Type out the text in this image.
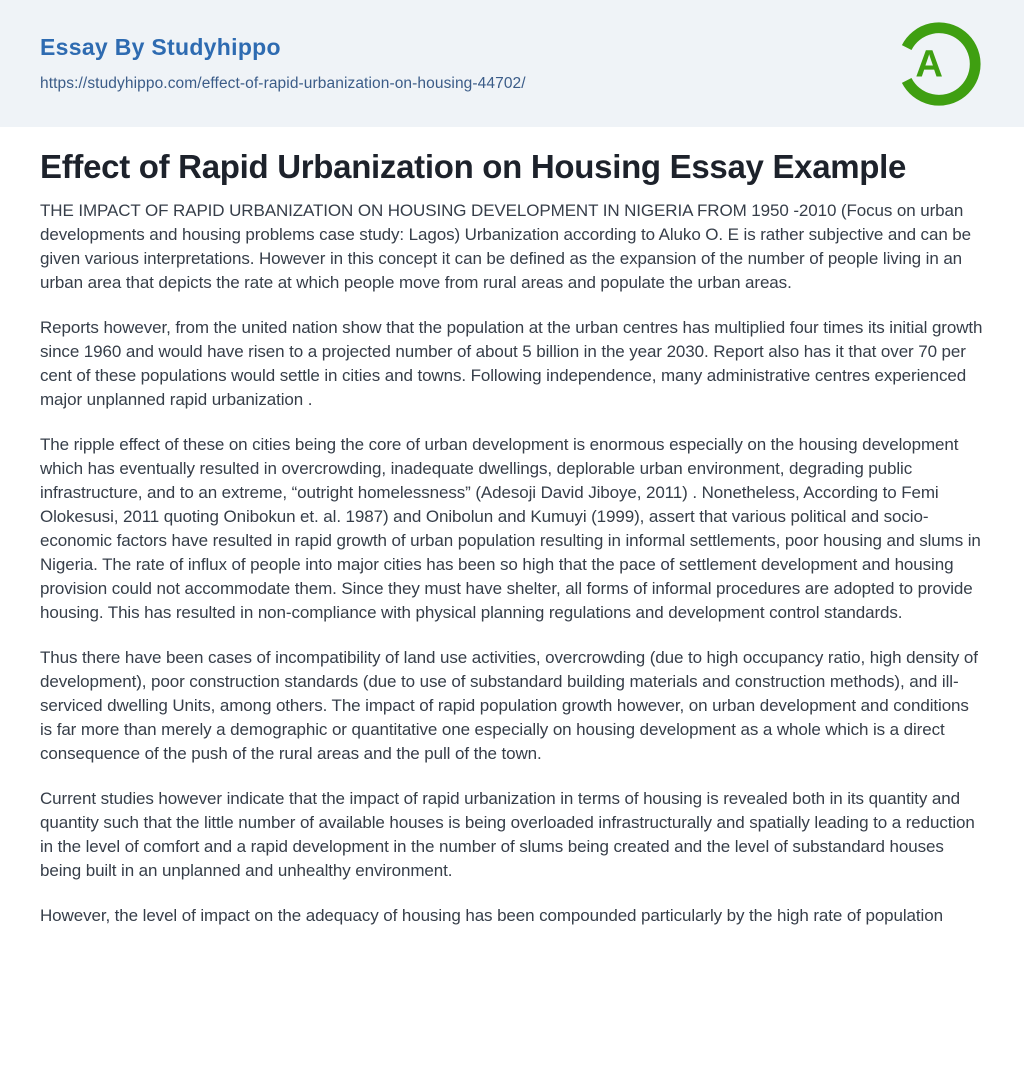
Essay By Studyhippo
https://studyhippo.com/effect-of-rapid-urbanization-on-housing-44702/	A
Effect of Rapid Urbanization on Housing Essay Example

THE IMPACT OF RAPID URBANIZATION ON HOUSING DEVELOPMENT IN NIGERIA FROM 1950 -2010 (Focus on urban developments and housing problems case study: Lagos) Urbanization according to Aluko O. E is rather subjective and can be given various interpretations. However in this concept it can be defined as the expansion of the number of people living in an urban area that depicts the rate at which people move from rural areas and populate the urban areas.

Reports however, from the united nation show that the population at the urban centres has multiplied four times its initial growth since 1960 and would have risen to a projected number of about 5 billion in the year 2030. Report also has it that over 70 per cent of these populations would settle in cities and towns. Following independence, many administrative centres experienced major unplanned rapid urbanization .

The ripple effect of these on cities being the core of urban development is enormous especially on the housing development which has eventually resulted in overcrowding, inadequate dwellings, deplorable urban environment, degrading public infrastructure, and to an extreme, “outright homelessness” (Adesoji David Jiboye, 2011) . Nonetheless, According to Femi Olokesusi, 2011 quoting Onibokun et. al. 1987) and Onibolun and Kumuyi (1999), assert that various political and socio-economic factors have resulted in rapid growth of urban population resulting in informal settlements, poor housing and slums in Nigeria. The rate of influx of people into major cities has been so high that the pace of settlement development and housing provision could not accommodate them. Since they must have shelter, all forms of informal procedures are adopted to provide housing. This has resulted in non-compliance with physical planning regulations and development control standards.

Thus there have been cases of incompatibility of land use activities, overcrowding (due to high occupancy ratio, high density of development), poor construction standards (due to use of substandard building materials and construction methods), and ill-serviced dwelling Units, among others. The impact of rapid population growth however, on urban development and conditions is far more than merely a demographic or quantitative one especially on housing development as a whole which is a direct consequence of the push of the rural areas and the pull of the town.

Current studies however indicate that the impact of rapid urbanization in terms of housing is revealed both in its quantity and quantity such that the little number of available houses is being overloaded infrastructurally and spatially leading to a reduction in the level of comfort and a rapid development in the number of slums being created and the level of substandard houses being built in an unplanned and unhealthy environment.

However, the level of impact on the adequacy of housing has been compounded particularly by the high rate of population
